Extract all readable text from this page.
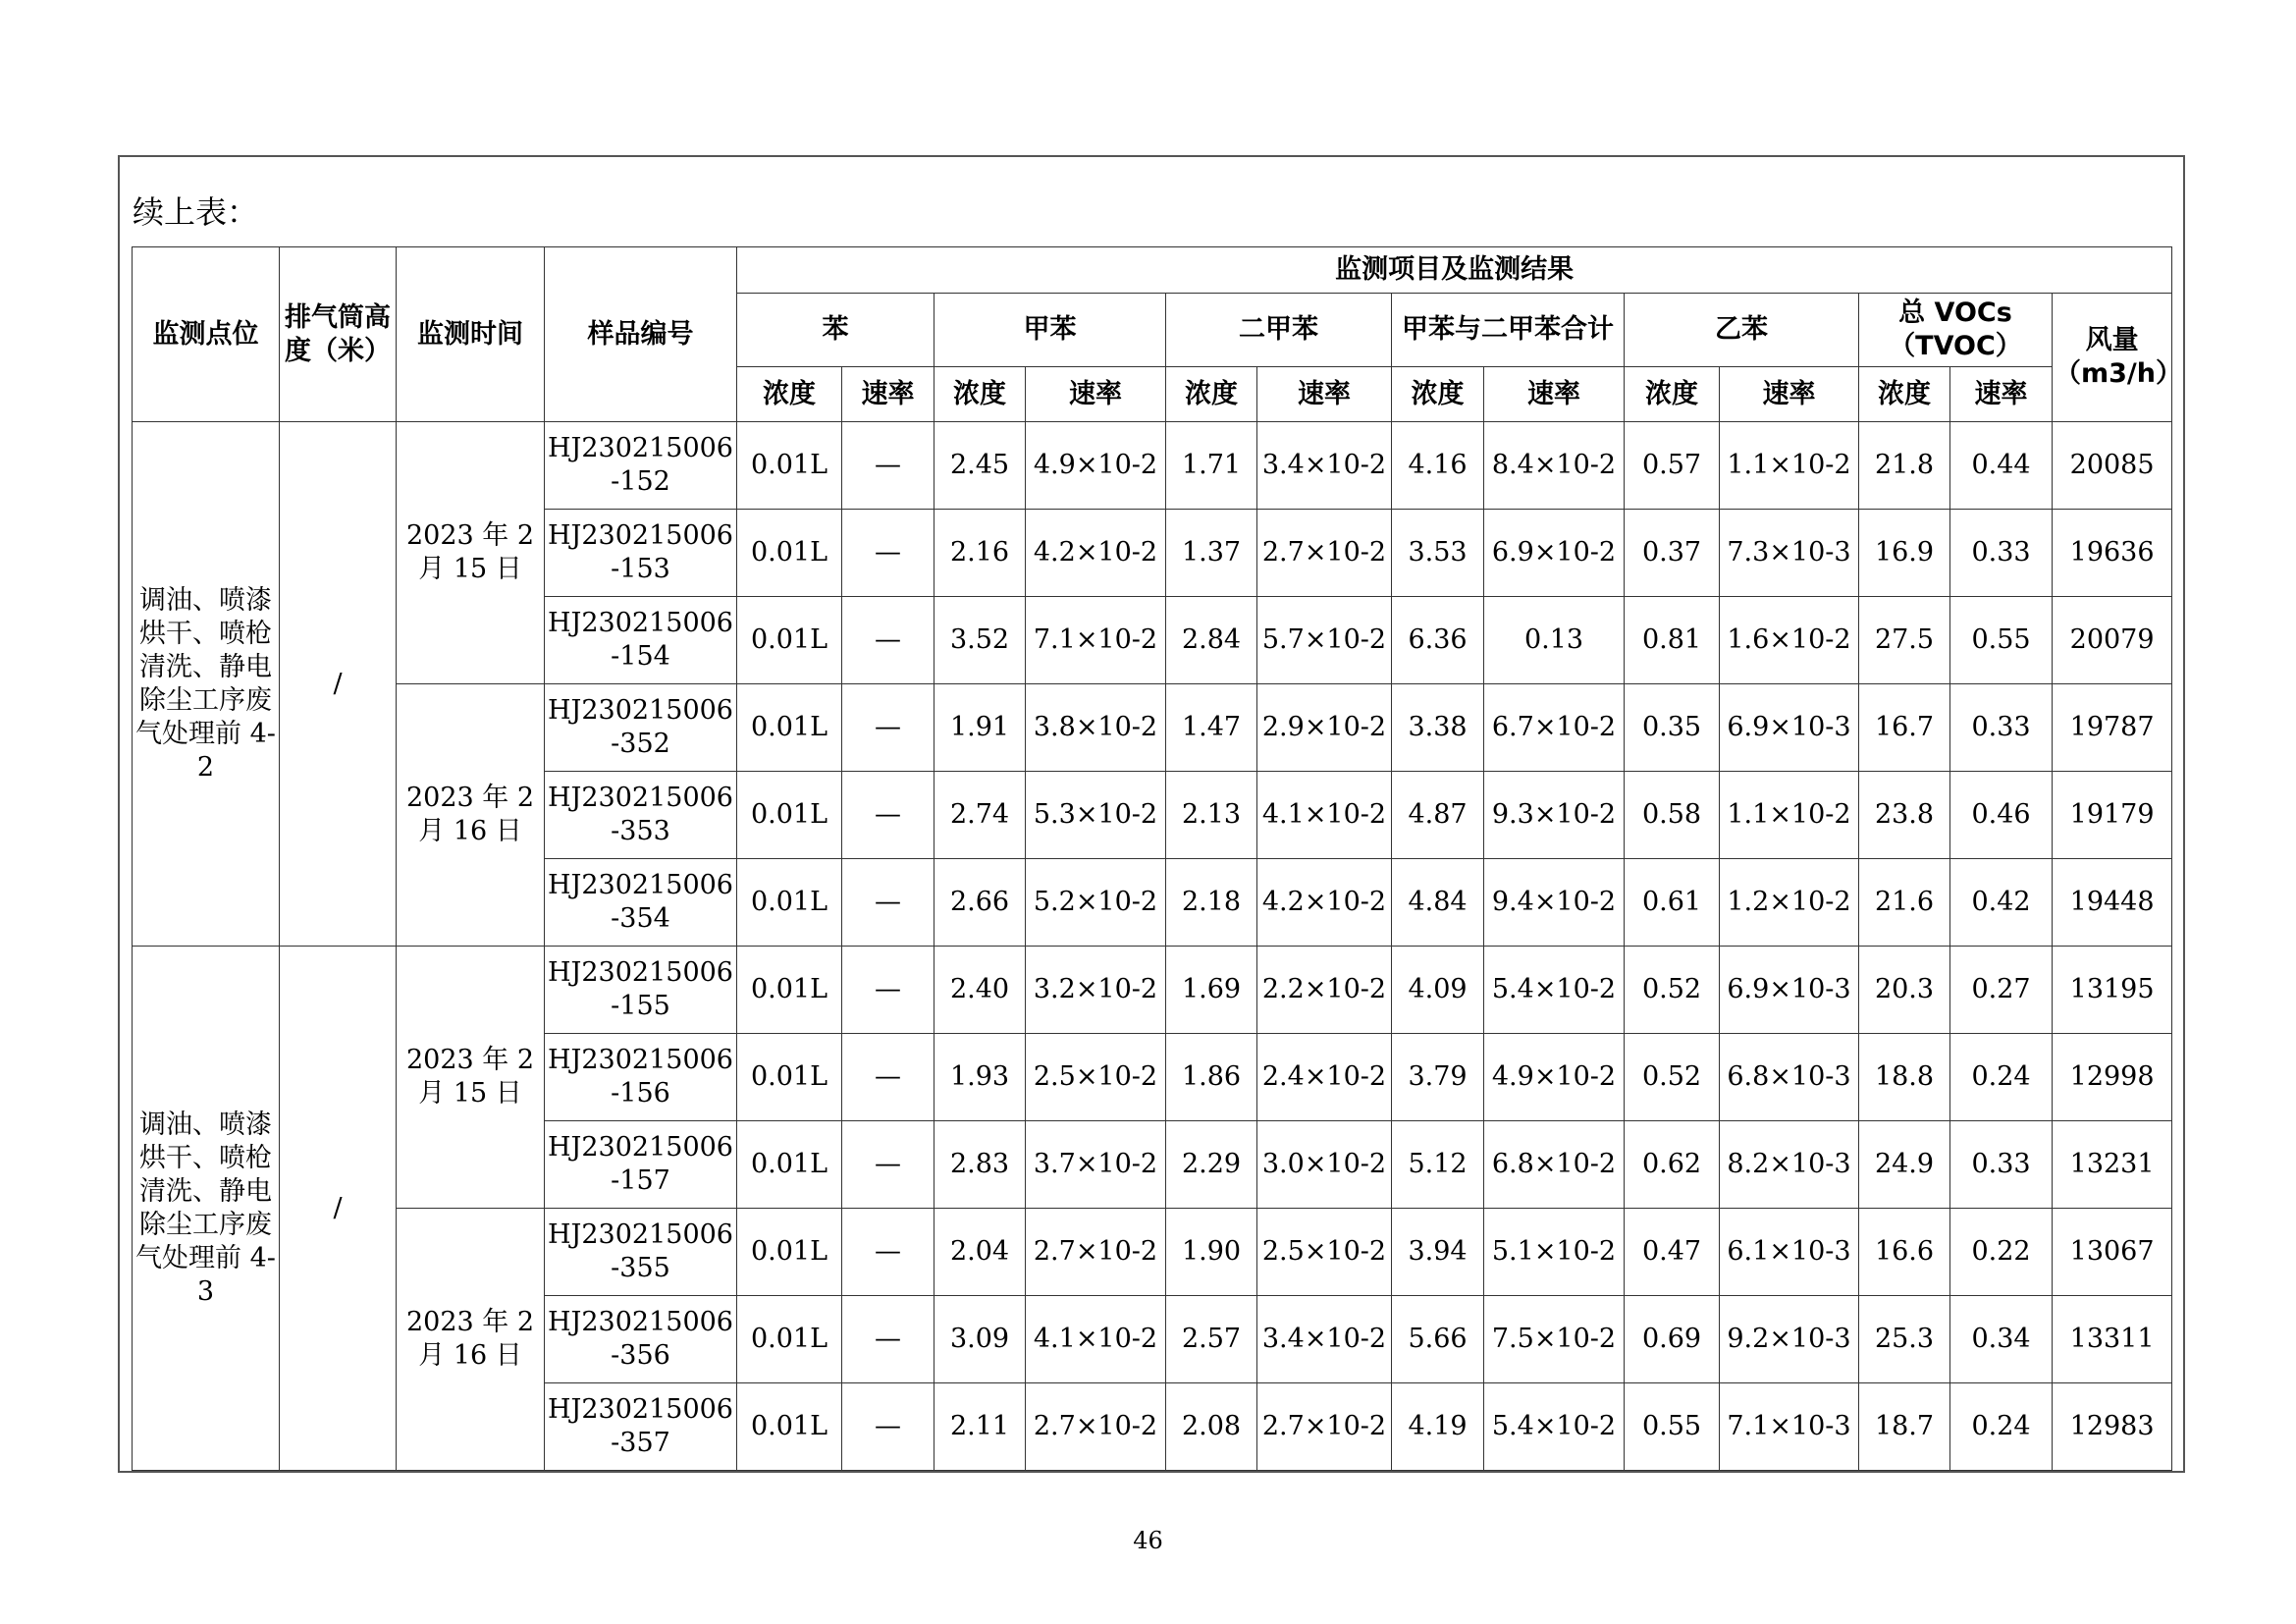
续上表：
监测点位	排气筒高度（米）	监测时间	样品编号	监测项目及监测结果												
				苯		甲苯		二甲苯		甲苯与二甲苯合计		乙苯		总 VOCs（TVOC）		风量（m3/h）
				浓度	速率	浓度	速率	浓度	速率	浓度	速率	浓度	速率	浓度	速率	
调油、喷漆烘干、喷枪清洗、静电除尘工序废气处理前 4-2	/	2023 年 2 月 15 日	HJ230215006 -152	0.01L	—	2.45	4.9×10-2	1.71	3.4×10-2	4.16	8.4×10-2	0.57	1.1×10-2	21.8	0.44	20085
			HJ230215006 -153	0.01L	—	2.16	4.2×10-2	1.37	2.7×10-2	3.53	6.9×10-2	0.37	7.3×10-3	16.9	0.33	19636
			HJ230215006 -154	0.01L	—	3.52	7.1×10-2	2.84	5.7×10-2	6.36	0.13	0.81	1.6×10-2	27.5	0.55	20079
		2023 年 2 月 16 日	HJ230215006 -352	0.01L	—	1.91	3.8×10-2	1.47	2.9×10-2	3.38	6.7×10-2	0.35	6.9×10-3	16.7	0.33	19787
			HJ230215006 -353	0.01L	—	2.74	5.3×10-2	2.13	4.1×10-2	4.87	9.3×10-2	0.58	1.1×10-2	23.8	0.46	19179
			HJ230215006 -354	0.01L	—	2.66	5.2×10-2	2.18	4.2×10-2	4.84	9.4×10-2	0.61	1.2×10-2	21.6	0.42	19448
调油、喷漆烘干、喷枪清洗、静电除尘工序废气处理前 4-3	/	2023 年 2 月 15 日	HJ230215006 -155	0.01L	—	2.40	3.2×10-2	1.69	2.2×10-2	4.09	5.4×10-2	0.52	6.9×10-3	20.3	0.27	13195
			HJ230215006 -156	0.01L	—	1.93	2.5×10-2	1.86	2.4×10-2	3.79	4.9×10-2	0.52	6.8×10-3	18.8	0.24	12998
			HJ230215006 -157	0.01L	—	2.83	3.7×10-2	2.29	3.0×10-2	5.12	6.8×10-2	0.62	8.2×10-3	24.9	0.33	13231
		2023 年 2 月 16 日	HJ230215006 -355	0.01L	—	2.04	2.7×10-2	1.90	2.5×10-2	3.94	5.1×10-2	0.47	6.1×10-3	16.6	0.22	13067
			HJ230215006 -356	0.01L	—	3.09	4.1×10-2	2.57	3.4×10-2	5.66	7.5×10-2	0.69	9.2×10-3	25.3	0.34	13311
			HJ230215006 -357	0.01L	—	2.11	2.7×10-2	2.08	2.7×10-2	4.19	5.4×10-2	0.55	7.1×10-3	18.7	0.24	12983
46
